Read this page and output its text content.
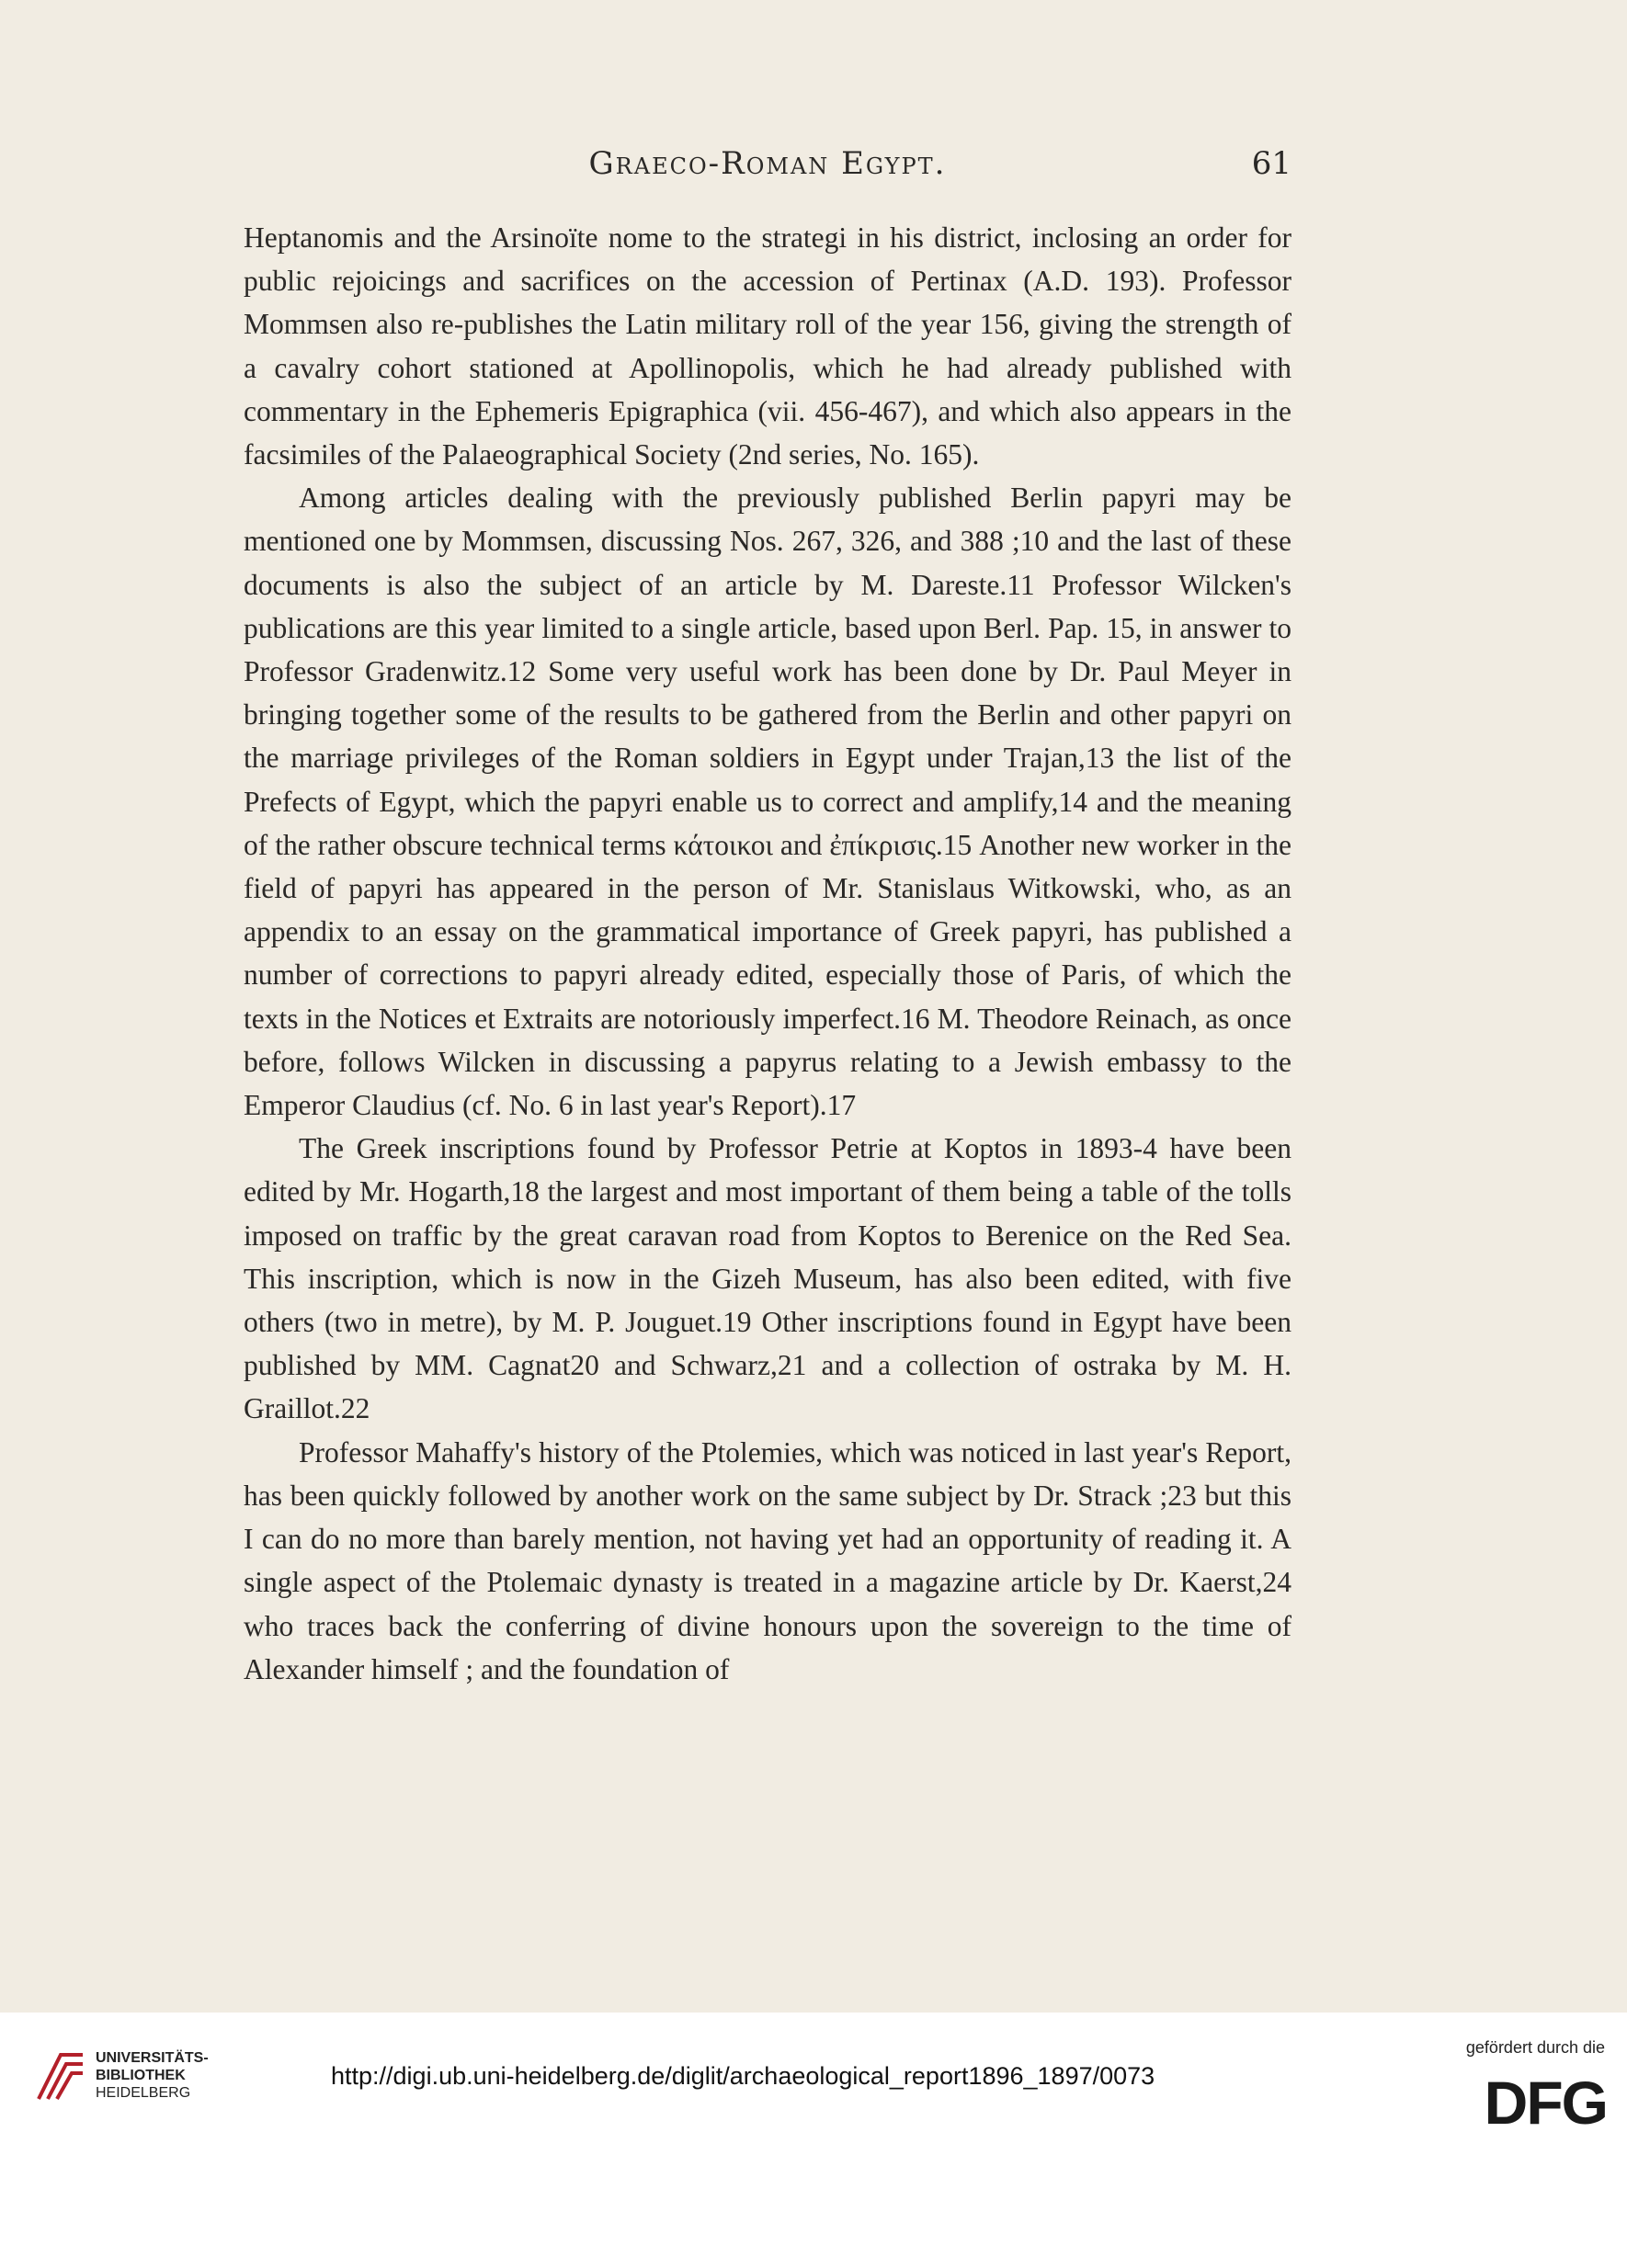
Graeco-Roman Egypt.	61

Heptanomis and the Arsinoïte nome to the strategi in his district, inclosing an order for public rejoicings and sacrifices on the accession of Pertinax (A.D. 193). Professor Mommsen also re-publishes the Latin military roll of the year 156, giving the strength of a cavalry cohort stationed at Apollinopolis, which he had already published with commentary in the Ephemeris Epigraphica (vii. 456-467), and which also appears in the facsimiles of the Palaeographical Society (2nd series, No. 165).

Among articles dealing with the previously published Berlin papyri may be mentioned one by Mommsen, discussing Nos. 267, 326, and 388 ;10 and the last of these documents is also the subject of an article by M. Dareste.11 Professor Wilcken's publications are this year limited to a single article, based upon Berl. Pap. 15, in answer to Professor Gradenwitz.12 Some very useful work has been done by Dr. Paul Meyer in bringing together some of the results to be gathered from the Berlin and other papyri on the marriage privileges of the Roman soldiers in Egypt under Trajan,13 the list of the Prefects of Egypt, which the papyri enable us to correct and amplify,14 and the meaning of the rather obscure technical terms κάτοικοι and ἐπίκρισις.15 Another new worker in the field of papyri has appeared in the person of Mr. Stanislaus Witkowski, who, as an appendix to an essay on the grammatical importance of Greek papyri, has published a number of corrections to papyri already edited, especially those of Paris, of which the texts in the Notices et Extraits are notoriously imperfect.16 M. Theodore Reinach, as once before, follows Wilcken in discussing a papyrus relating to a Jewish embassy to the Emperor Claudius (cf. No. 6 in last year's Report).17

The Greek inscriptions found by Professor Petrie at Koptos in 1893-4 have been edited by Mr. Hogarth,18 the largest and most important of them being a table of the tolls imposed on traffic by the great caravan road from Koptos to Berenice on the Red Sea. This inscription, which is now in the Gizeh Museum, has also been edited, with five others (two in metre), by M. P. Jouguet.19 Other inscriptions found in Egypt have been published by MM. Cagnat20 and Schwarz,21 and a collection of ostraka by M. H. Graillot.22

Professor Mahaffy's history of the Ptolemies, which was noticed in last year's Report, has been quickly followed by another work on the same subject by Dr. Strack ;23 but this I can do no more than barely mention, not having yet had an opportunity of reading it. A single aspect of the Ptolemaic dynasty is treated in a magazine article by Dr. Kaerst,24 who traces back the conferring of divine honours upon the sovereign to the time of Alexander himself ; and the foundation of

UNIVERSITÄTS-
BIBLIOTHEK
HEIDELBERG
http://digi.ub.uni-heidelberg.de/diglit/archaeological_report1896_1897/0073
gefördert durch die
DFG
